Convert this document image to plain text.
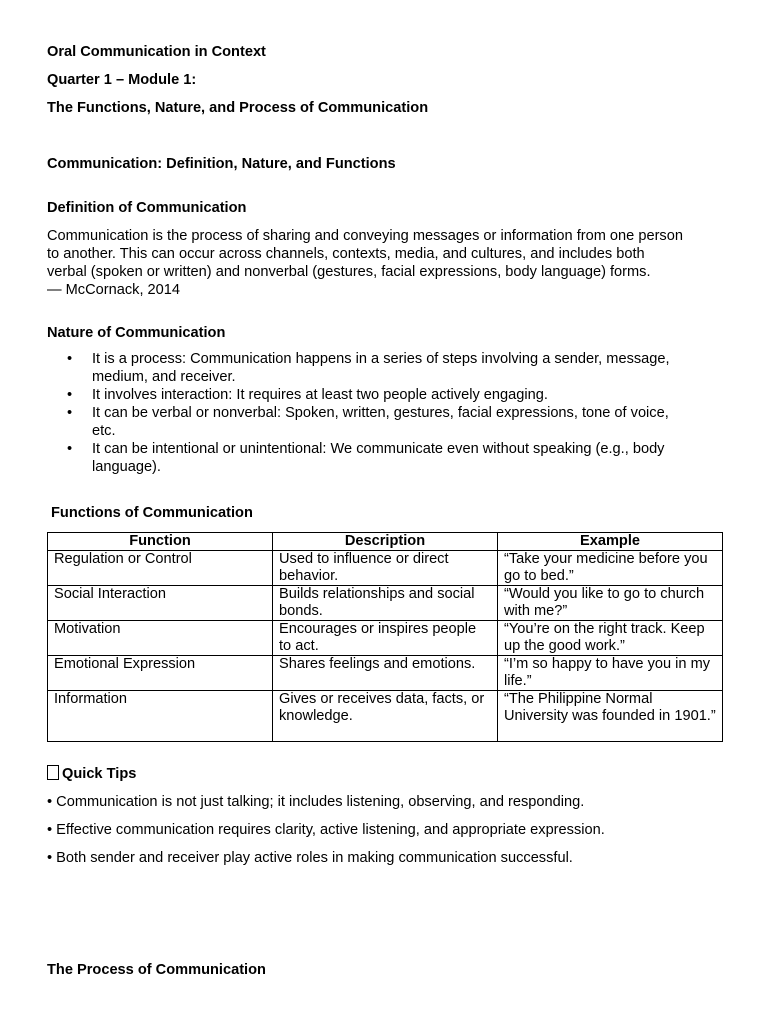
Oral Communication in Context
Quarter 1 – Module 1:
The Functions, Nature, and Process of Communication
Communication: Definition, Nature, and Functions
Definition of Communication
Communication is the process of sharing and conveying messages or information from one person
to another. This can occur across channels, contexts, media, and cultures, and includes both
verbal (spoken or written) and nonverbal (gestures, facial expressions, body language) forms.
— McCornack, 2014
Nature of Communication
• It is a process: Communication happens in a series of steps involving a sender, message,
medium, and receiver.
• It involves interaction: It requires at least two people actively engaging.
• It can be verbal or nonverbal: Spoken, written, gestures, facial expressions, tone of voice,
etc.
• It can be intentional or unintentional: We communicate even without speaking (e.g., body
language).
Functions of Communication
Function	Description	Example
Regulation or Control	Used to influence or direct behavior.	“Take your medicine before you go to bed.”
Social Interaction	Builds relationships and social bonds.	“Would you like to go to church with me?”
Motivation	Encourages or inspires people to act.	“You’re on the right track. Keep up the good work.”
Emotional Expression	Shares feelings and emotions.	“I’m so happy to have you in my life.”
Information	Gives or receives data, facts, or knowledge.	“The Philippine Normal University was founded in 1901.”
Quick Tips
• Communication is not just talking; it includes listening, observing, and responding.
• Effective communication requires clarity, active listening, and appropriate expression.
• Both sender and receiver play active roles in making communication successful.
The Process of Communication
